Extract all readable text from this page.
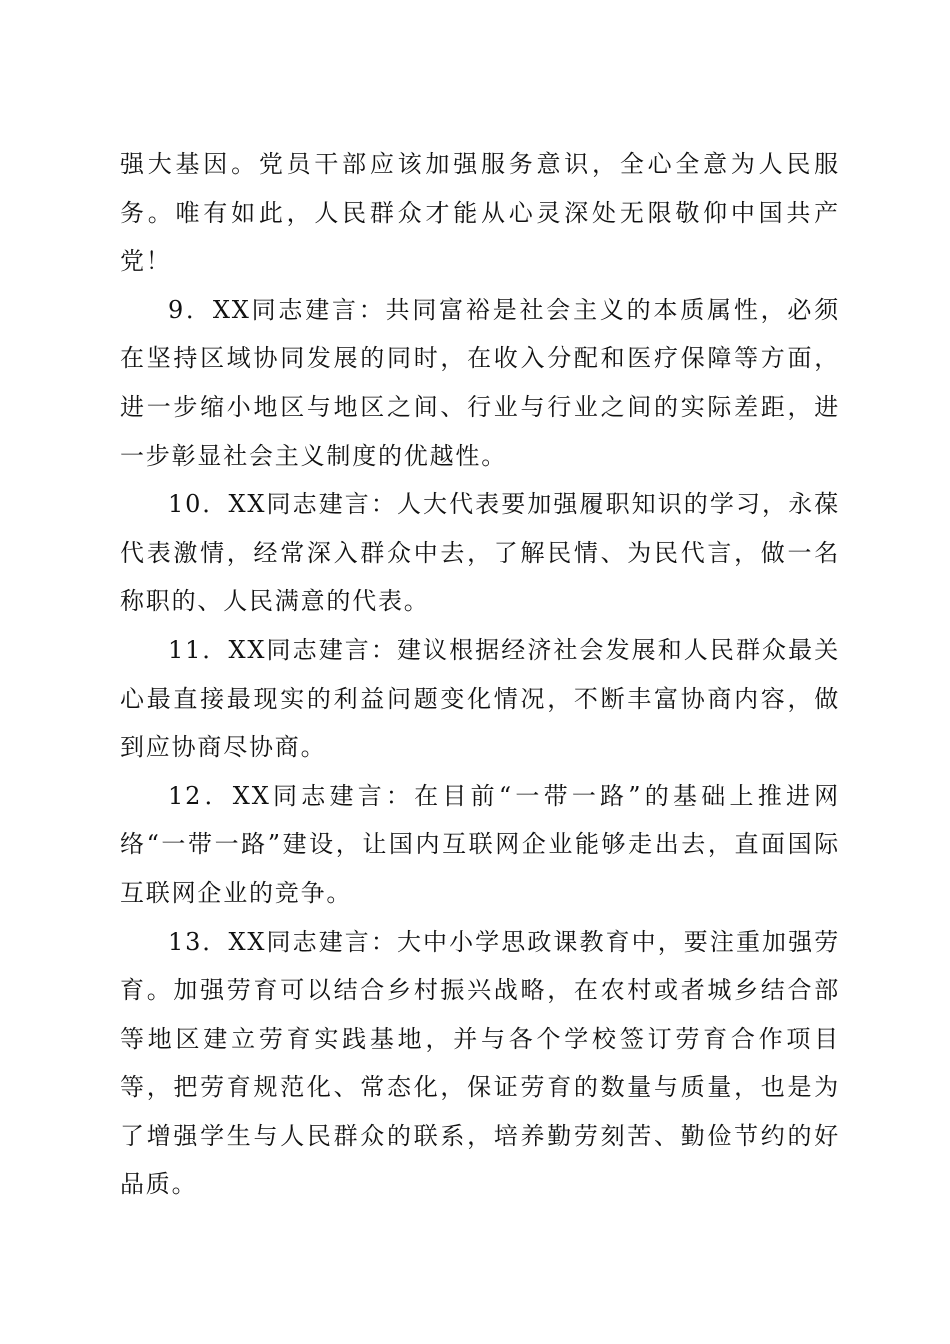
强大基因。党员干部应该加强服务意识，全心全意为人民服务。唯有如此，人民群众才能从心灵深处无限敬仰中国共产党！

9．XX同志建言：共同富裕是社会主义的本质属性，必须在坚持区域协同发展的同时，在收入分配和医疗保障等方面，进一步缩小地区与地区之间、行业与行业之间的实际差距，进一步彰显社会主义制度的优越性。

10．XX同志建言：人大代表要加强履职知识的学习，永葆代表激情，经常深入群众中去，了解民情、为民代言，做一名称职的、人民满意的代表。

11．XX同志建言：建议根据经济社会发展和人民群众最关心最直接最现实的利益问题变化情况，不断丰富协商内容，做到应协商尽协商。

12．XX同志建言：在目前“一带一路”的基础上推进网络“一带一路”建设，让国内互联网企业能够走出去，直面国际互联网企业的竞争。

13．XX同志建言：大中小学思政课教育中，要注重加强劳育。加强劳育可以结合乡村振兴战略，在农村或者城乡结合部等地区建立劳育实践基地，并与各个学校签订劳育合作项目等，把劳育规范化、常态化，保证劳育的数量与质量，也是为了增强学生与人民群众的联系，培养勤劳刻苦、勤俭节约的好品质。
